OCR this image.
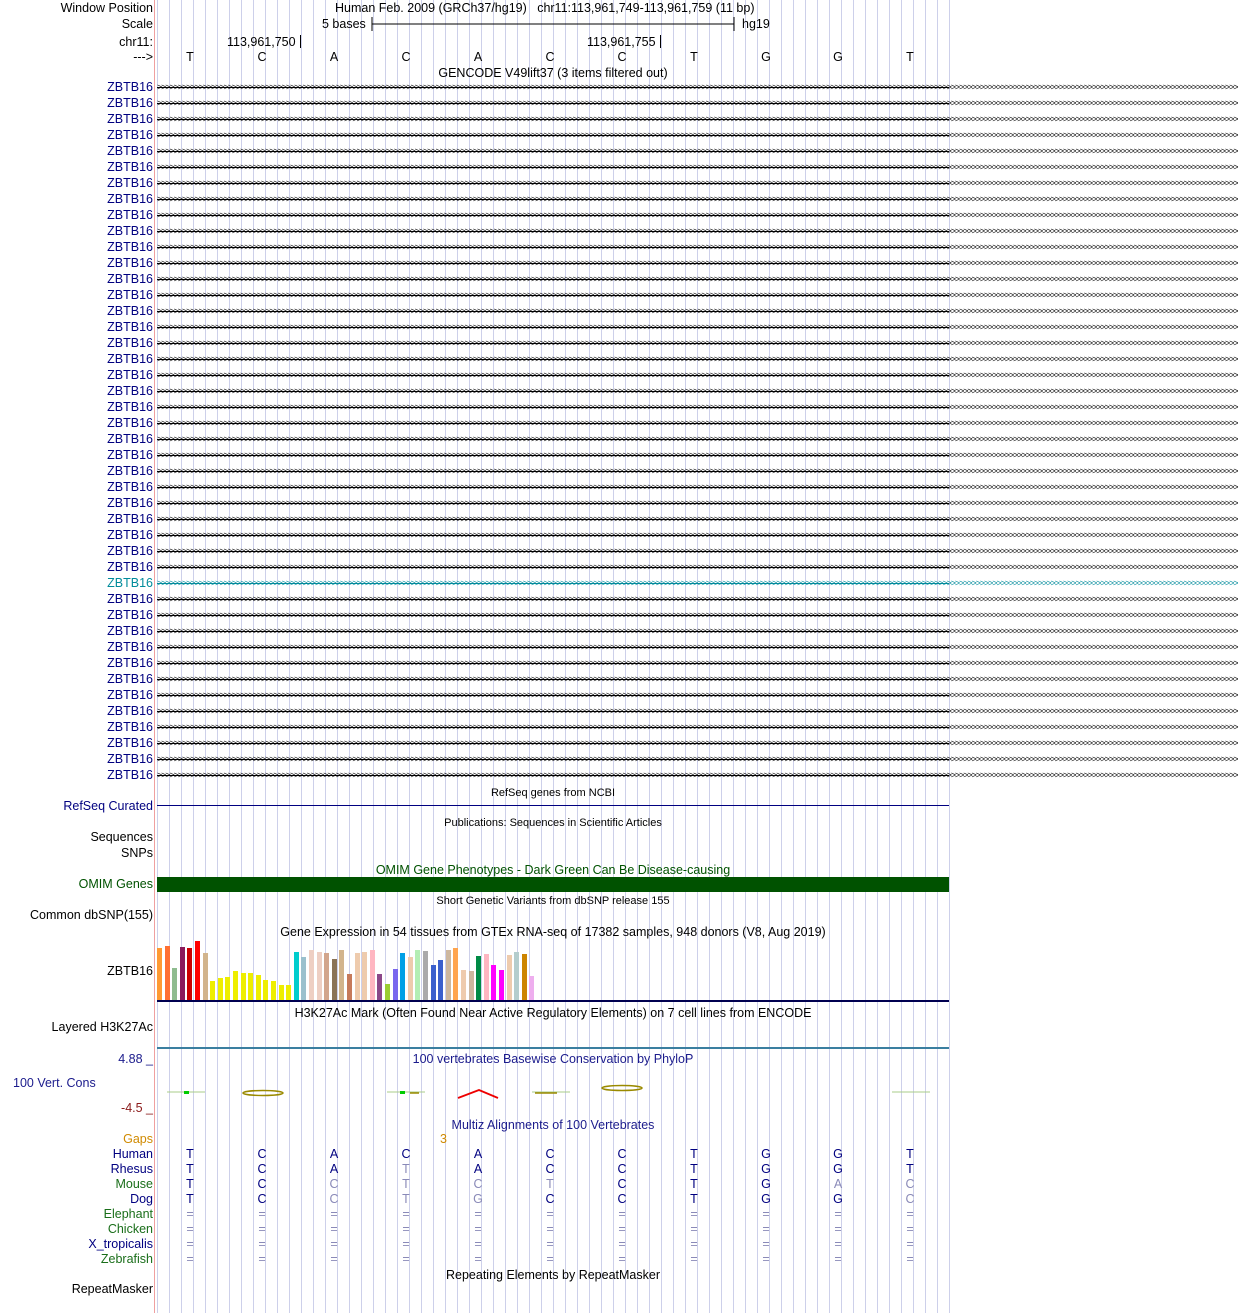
Window Position
Scale
chr11:
--->
Human Feb. 2009 (GRCh37/hg19)   chr11:113,961,749-113,961,759 (11 bp)
5 bases	hg19
113,961,750	113,961,755
T	C	A	C	A	C	C	T	G	G	T
GENCODE V49lift37 (3 items filtered out)
ZBTB16
ZBTB16
ZBTB16
ZBTB16
ZBTB16
ZBTB16
ZBTB16
ZBTB16
ZBTB16
ZBTB16
ZBTB16
ZBTB16
ZBTB16
ZBTB16
ZBTB16
ZBTB16
ZBTB16
ZBTB16
ZBTB16
ZBTB16
ZBTB16
ZBTB16
ZBTB16
ZBTB16
ZBTB16
ZBTB16
ZBTB16
ZBTB16
ZBTB16
ZBTB16
ZBTB16
ZBTB16
ZBTB16
ZBTB16
ZBTB16
ZBTB16
ZBTB16
ZBTB16
ZBTB16
ZBTB16
ZBTB16
ZBTB16
ZBTB16
ZBTB16
>>>>>>>>>>>>>>>>>>>>>>>>>>>>>>>>>>>>>>>>>>>>>>>>>>>>>>>>>>>>>>>>>>>>>>>>>>>>>>>>>>>>>>>>>>>>>>>>>>>>>>>>>>>>>>>>>>>>>>>>>>>>>>>>>>>>>>>>>>>>>>>>>>>>>>>>>>>>>>>>>>>>>>>>>>>>>>>>>>>>>>>>>>>>>>>>>>>>>>>>>>>>>>>>>>>>>>>>>>>>>>>>>>>>>>>>>>>>>>>>>>>>>>>>>>>>>>>>>>>>
>>>>>>>>>>>>>>>>>>>>>>>>>>>>>>>>>>>>>>>>>>>>>>>>>>>>>>>>>>>>>>>>>>>>>>>>>>>>>>>>>>>>>>>>>>>>>>>>>>>>>>>>>>>>>>>>>>>>>>>>>>>>>>>>>>>>>>>>>>>>>>>>>>>>>>>>>>>>>>>>>>>>>>>>>>>>>>>>>>>>>>>>>>>>>>>>>>>>>>>>>>>>>>>>>>>>>>>>>>>>>>>>>>>>>>>>>>>>>>>>>>>>>>>>>>>>>>>>>>>>
>>>>>>>>>>>>>>>>>>>>>>>>>>>>>>>>>>>>>>>>>>>>>>>>>>>>>>>>>>>>>>>>>>>>>>>>>>>>>>>>>>>>>>>>>>>>>>>>>>>>>>>>>>>>>>>>>>>>>>>>>>>>>>>>>>>>>>>>>>>>>>>>>>>>>>>>>>>>>>>>>>>>>>>>>>>>>>>>>>>>>>>>>>>>>>>>>>>>>>>>>>>>>>>>>>>>>>>>>>>>>>>>>>>>>>>>>>>>>>>>>>>>>>>>>>>>>>>>>>>>
>>>>>>>>>>>>>>>>>>>>>>>>>>>>>>>>>>>>>>>>>>>>>>>>>>>>>>>>>>>>>>>>>>>>>>>>>>>>>>>>>>>>>>>>>>>>>>>>>>>>>>>>>>>>>>>>>>>>>>>>>>>>>>>>>>>>>>>>>>>>>>>>>>>>>>>>>>>>>>>>>>>>>>>>>>>>>>>>>>>>>>>>>>>>>>>>>>>>>>>>>>>>>>>>>>>>>>>>>>>>>>>>>>>>>>>>>>>>>>>>>>>>>>>>>>>>>>>>>>>>
>>>>>>>>>>>>>>>>>>>>>>>>>>>>>>>>>>>>>>>>>>>>>>>>>>>>>>>>>>>>>>>>>>>>>>>>>>>>>>>>>>>>>>>>>>>>>>>>>>>>>>>>>>>>>>>>>>>>>>>>>>>>>>>>>>>>>>>>>>>>>>>>>>>>>>>>>>>>>>>>>>>>>>>>>>>>>>>>>>>>>>>>>>>>>>>>>>>>>>>>>>>>>>>>>>>>>>>>>>>>>>>>>>>>>>>>>>>>>>>>>>>>>>>>>>>>>>>>>>>>
>>>>>>>>>>>>>>>>>>>>>>>>>>>>>>>>>>>>>>>>>>>>>>>>>>>>>>>>>>>>>>>>>>>>>>>>>>>>>>>>>>>>>>>>>>>>>>>>>>>>>>>>>>>>>>>>>>>>>>>>>>>>>>>>>>>>>>>>>>>>>>>>>>>>>>>>>>>>>>>>>>>>>>>>>>>>>>>>>>>>>>>>>>>>>>>>>>>>>>>>>>>>>>>>>>>>>>>>>>>>>>>>>>>>>>>>>>>>>>>>>>>>>>>>>>>>>>>>>>>>
>>>>>>>>>>>>>>>>>>>>>>>>>>>>>>>>>>>>>>>>>>>>>>>>>>>>>>>>>>>>>>>>>>>>>>>>>>>>>>>>>>>>>>>>>>>>>>>>>>>>>>>>>>>>>>>>>>>>>>>>>>>>>>>>>>>>>>>>>>>>>>>>>>>>>>>>>>>>>>>>>>>>>>>>>>>>>>>>>>>>>>>>>>>>>>>>>>>>>>>>>>>>>>>>>>>>>>>>>>>>>>>>>>>>>>>>>>>>>>>>>>>>>>>>>>>>>>>>>>>>
>>>>>>>>>>>>>>>>>>>>>>>>>>>>>>>>>>>>>>>>>>>>>>>>>>>>>>>>>>>>>>>>>>>>>>>>>>>>>>>>>>>>>>>>>>>>>>>>>>>>>>>>>>>>>>>>>>>>>>>>>>>>>>>>>>>>>>>>>>>>>>>>>>>>>>>>>>>>>>>>>>>>>>>>>>>>>>>>>>>>>>>>>>>>>>>>>>>>>>>>>>>>>>>>>>>>>>>>>>>>>>>>>>>>>>>>>>>>>>>>>>>>>>>>>>>>>>>>>>>>
>>>>>>>>>>>>>>>>>>>>>>>>>>>>>>>>>>>>>>>>>>>>>>>>>>>>>>>>>>>>>>>>>>>>>>>>>>>>>>>>>>>>>>>>>>>>>>>>>>>>>>>>>>>>>>>>>>>>>>>>>>>>>>>>>>>>>>>>>>>>>>>>>>>>>>>>>>>>>>>>>>>>>>>>>>>>>>>>>>>>>>>>>>>>>>>>>>>>>>>>>>>>>>>>>>>>>>>>>>>>>>>>>>>>>>>>>>>>>>>>>>>>>>>>>>>>>>>>>>>>
>>>>>>>>>>>>>>>>>>>>>>>>>>>>>>>>>>>>>>>>>>>>>>>>>>>>>>>>>>>>>>>>>>>>>>>>>>>>>>>>>>>>>>>>>>>>>>>>>>>>>>>>>>>>>>>>>>>>>>>>>>>>>>>>>>>>>>>>>>>>>>>>>>>>>>>>>>>>>>>>>>>>>>>>>>>>>>>>>>>>>>>>>>>>>>>>>>>>>>>>>>>>>>>>>>>>>>>>>>>>>>>>>>>>>>>>>>>>>>>>>>>>>>>>>>>>>>>>>>>>
>>>>>>>>>>>>>>>>>>>>>>>>>>>>>>>>>>>>>>>>>>>>>>>>>>>>>>>>>>>>>>>>>>>>>>>>>>>>>>>>>>>>>>>>>>>>>>>>>>>>>>>>>>>>>>>>>>>>>>>>>>>>>>>>>>>>>>>>>>>>>>>>>>>>>>>>>>>>>>>>>>>>>>>>>>>>>>>>>>>>>>>>>>>>>>>>>>>>>>>>>>>>>>>>>>>>>>>>>>>>>>>>>>>>>>>>>>>>>>>>>>>>>>>>>>>>>>>>>>>>
>>>>>>>>>>>>>>>>>>>>>>>>>>>>>>>>>>>>>>>>>>>>>>>>>>>>>>>>>>>>>>>>>>>>>>>>>>>>>>>>>>>>>>>>>>>>>>>>>>>>>>>>>>>>>>>>>>>>>>>>>>>>>>>>>>>>>>>>>>>>>>>>>>>>>>>>>>>>>>>>>>>>>>>>>>>>>>>>>>>>>>>>>>>>>>>>>>>>>>>>>>>>>>>>>>>>>>>>>>>>>>>>>>>>>>>>>>>>>>>>>>>>>>>>>>>>>>>>>>>>
>>>>>>>>>>>>>>>>>>>>>>>>>>>>>>>>>>>>>>>>>>>>>>>>>>>>>>>>>>>>>>>>>>>>>>>>>>>>>>>>>>>>>>>>>>>>>>>>>>>>>>>>>>>>>>>>>>>>>>>>>>>>>>>>>>>>>>>>>>>>>>>>>>>>>>>>>>>>>>>>>>>>>>>>>>>>>>>>>>>>>>>>>>>>>>>>>>>>>>>>>>>>>>>>>>>>>>>>>>>>>>>>>>>>>>>>>>>>>>>>>>>>>>>>>>>>>>>>>>>>
>>>>>>>>>>>>>>>>>>>>>>>>>>>>>>>>>>>>>>>>>>>>>>>>>>>>>>>>>>>>>>>>>>>>>>>>>>>>>>>>>>>>>>>>>>>>>>>>>>>>>>>>>>>>>>>>>>>>>>>>>>>>>>>>>>>>>>>>>>>>>>>>>>>>>>>>>>>>>>>>>>>>>>>>>>>>>>>>>>>>>>>>>>>>>>>>>>>>>>>>>>>>>>>>>>>>>>>>>>>>>>>>>>>>>>>>>>>>>>>>>>>>>>>>>>>>>>>>>>>>
>>>>>>>>>>>>>>>>>>>>>>>>>>>>>>>>>>>>>>>>>>>>>>>>>>>>>>>>>>>>>>>>>>>>>>>>>>>>>>>>>>>>>>>>>>>>>>>>>>>>>>>>>>>>>>>>>>>>>>>>>>>>>>>>>>>>>>>>>>>>>>>>>>>>>>>>>>>>>>>>>>>>>>>>>>>>>>>>>>>>>>>>>>>>>>>>>>>>>>>>>>>>>>>>>>>>>>>>>>>>>>>>>>>>>>>>>>>>>>>>>>>>>>>>>>>>>>>>>>>>
>>>>>>>>>>>>>>>>>>>>>>>>>>>>>>>>>>>>>>>>>>>>>>>>>>>>>>>>>>>>>>>>>>>>>>>>>>>>>>>>>>>>>>>>>>>>>>>>>>>>>>>>>>>>>>>>>>>>>>>>>>>>>>>>>>>>>>>>>>>>>>>>>>>>>>>>>>>>>>>>>>>>>>>>>>>>>>>>>>>>>>>>>>>>>>>>>>>>>>>>>>>>>>>>>>>>>>>>>>>>>>>>>>>>>>>>>>>>>>>>>>>>>>>>>>>>>>>>>>>>
>>>>>>>>>>>>>>>>>>>>>>>>>>>>>>>>>>>>>>>>>>>>>>>>>>>>>>>>>>>>>>>>>>>>>>>>>>>>>>>>>>>>>>>>>>>>>>>>>>>>>>>>>>>>>>>>>>>>>>>>>>>>>>>>>>>>>>>>>>>>>>>>>>>>>>>>>>>>>>>>>>>>>>>>>>>>>>>>>>>>>>>>>>>>>>>>>>>>>>>>>>>>>>>>>>>>>>>>>>>>>>>>>>>>>>>>>>>>>>>>>>>>>>>>>>>>>>>>>>>>
>>>>>>>>>>>>>>>>>>>>>>>>>>>>>>>>>>>>>>>>>>>>>>>>>>>>>>>>>>>>>>>>>>>>>>>>>>>>>>>>>>>>>>>>>>>>>>>>>>>>>>>>>>>>>>>>>>>>>>>>>>>>>>>>>>>>>>>>>>>>>>>>>>>>>>>>>>>>>>>>>>>>>>>>>>>>>>>>>>>>>>>>>>>>>>>>>>>>>>>>>>>>>>>>>>>>>>>>>>>>>>>>>>>>>>>>>>>>>>>>>>>>>>>>>>>>>>>>>>>>
>>>>>>>>>>>>>>>>>>>>>>>>>>>>>>>>>>>>>>>>>>>>>>>>>>>>>>>>>>>>>>>>>>>>>>>>>>>>>>>>>>>>>>>>>>>>>>>>>>>>>>>>>>>>>>>>>>>>>>>>>>>>>>>>>>>>>>>>>>>>>>>>>>>>>>>>>>>>>>>>>>>>>>>>>>>>>>>>>>>>>>>>>>>>>>>>>>>>>>>>>>>>>>>>>>>>>>>>>>>>>>>>>>>>>>>>>>>>>>>>>>>>>>>>>>>>>>>>>>>>
>>>>>>>>>>>>>>>>>>>>>>>>>>>>>>>>>>>>>>>>>>>>>>>>>>>>>>>>>>>>>>>>>>>>>>>>>>>>>>>>>>>>>>>>>>>>>>>>>>>>>>>>>>>>>>>>>>>>>>>>>>>>>>>>>>>>>>>>>>>>>>>>>>>>>>>>>>>>>>>>>>>>>>>>>>>>>>>>>>>>>>>>>>>>>>>>>>>>>>>>>>>>>>>>>>>>>>>>>>>>>>>>>>>>>>>>>>>>>>>>>>>>>>>>>>>>>>>>>>>>
>>>>>>>>>>>>>>>>>>>>>>>>>>>>>>>>>>>>>>>>>>>>>>>>>>>>>>>>>>>>>>>>>>>>>>>>>>>>>>>>>>>>>>>>>>>>>>>>>>>>>>>>>>>>>>>>>>>>>>>>>>>>>>>>>>>>>>>>>>>>>>>>>>>>>>>>>>>>>>>>>>>>>>>>>>>>>>>>>>>>>>>>>>>>>>>>>>>>>>>>>>>>>>>>>>>>>>>>>>>>>>>>>>>>>>>>>>>>>>>>>>>>>>>>>>>>>>>>>>>>
>>>>>>>>>>>>>>>>>>>>>>>>>>>>>>>>>>>>>>>>>>>>>>>>>>>>>>>>>>>>>>>>>>>>>>>>>>>>>>>>>>>>>>>>>>>>>>>>>>>>>>>>>>>>>>>>>>>>>>>>>>>>>>>>>>>>>>>>>>>>>>>>>>>>>>>>>>>>>>>>>>>>>>>>>>>>>>>>>>>>>>>>>>>>>>>>>>>>>>>>>>>>>>>>>>>>>>>>>>>>>>>>>>>>>>>>>>>>>>>>>>>>>>>>>>>>>>>>>>>>
>>>>>>>>>>>>>>>>>>>>>>>>>>>>>>>>>>>>>>>>>>>>>>>>>>>>>>>>>>>>>>>>>>>>>>>>>>>>>>>>>>>>>>>>>>>>>>>>>>>>>>>>>>>>>>>>>>>>>>>>>>>>>>>>>>>>>>>>>>>>>>>>>>>>>>>>>>>>>>>>>>>>>>>>>>>>>>>>>>>>>>>>>>>>>>>>>>>>>>>>>>>>>>>>>>>>>>>>>>>>>>>>>>>>>>>>>>>>>>>>>>>>>>>>>>>>>>>>>>>>
>>>>>>>>>>>>>>>>>>>>>>>>>>>>>>>>>>>>>>>>>>>>>>>>>>>>>>>>>>>>>>>>>>>>>>>>>>>>>>>>>>>>>>>>>>>>>>>>>>>>>>>>>>>>>>>>>>>>>>>>>>>>>>>>>>>>>>>>>>>>>>>>>>>>>>>>>>>>>>>>>>>>>>>>>>>>>>>>>>>>>>>>>>>>>>>>>>>>>>>>>>>>>>>>>>>>>>>>>>>>>>>>>>>>>>>>>>>>>>>>>>>>>>>>>>>>>>>>>>>>
>>>>>>>>>>>>>>>>>>>>>>>>>>>>>>>>>>>>>>>>>>>>>>>>>>>>>>>>>>>>>>>>>>>>>>>>>>>>>>>>>>>>>>>>>>>>>>>>>>>>>>>>>>>>>>>>>>>>>>>>>>>>>>>>>>>>>>>>>>>>>>>>>>>>>>>>>>>>>>>>>>>>>>>>>>>>>>>>>>>>>>>>>>>>>>>>>>>>>>>>>>>>>>>>>>>>>>>>>>>>>>>>>>>>>>>>>>>>>>>>>>>>>>>>>>>>>>>>>>>>
>>>>>>>>>>>>>>>>>>>>>>>>>>>>>>>>>>>>>>>>>>>>>>>>>>>>>>>>>>>>>>>>>>>>>>>>>>>>>>>>>>>>>>>>>>>>>>>>>>>>>>>>>>>>>>>>>>>>>>>>>>>>>>>>>>>>>>>>>>>>>>>>>>>>>>>>>>>>>>>>>>>>>>>>>>>>>>>>>>>>>>>>>>>>>>>>>>>>>>>>>>>>>>>>>>>>>>>>>>>>>>>>>>>>>>>>>>>>>>>>>>>>>>>>>>>>>>>>>>>>
>>>>>>>>>>>>>>>>>>>>>>>>>>>>>>>>>>>>>>>>>>>>>>>>>>>>>>>>>>>>>>>>>>>>>>>>>>>>>>>>>>>>>>>>>>>>>>>>>>>>>>>>>>>>>>>>>>>>>>>>>>>>>>>>>>>>>>>>>>>>>>>>>>>>>>>>>>>>>>>>>>>>>>>>>>>>>>>>>>>>>>>>>>>>>>>>>>>>>>>>>>>>>>>>>>>>>>>>>>>>>>>>>>>>>>>>>>>>>>>>>>>>>>>>>>>>>>>>>>>>
>>>>>>>>>>>>>>>>>>>>>>>>>>>>>>>>>>>>>>>>>>>>>>>>>>>>>>>>>>>>>>>>>>>>>>>>>>>>>>>>>>>>>>>>>>>>>>>>>>>>>>>>>>>>>>>>>>>>>>>>>>>>>>>>>>>>>>>>>>>>>>>>>>>>>>>>>>>>>>>>>>>>>>>>>>>>>>>>>>>>>>>>>>>>>>>>>>>>>>>>>>>>>>>>>>>>>>>>>>>>>>>>>>>>>>>>>>>>>>>>>>>>>>>>>>>>>>>>>>>>
>>>>>>>>>>>>>>>>>>>>>>>>>>>>>>>>>>>>>>>>>>>>>>>>>>>>>>>>>>>>>>>>>>>>>>>>>>>>>>>>>>>>>>>>>>>>>>>>>>>>>>>>>>>>>>>>>>>>>>>>>>>>>>>>>>>>>>>>>>>>>>>>>>>>>>>>>>>>>>>>>>>>>>>>>>>>>>>>>>>>>>>>>>>>>>>>>>>>>>>>>>>>>>>>>>>>>>>>>>>>>>>>>>>>>>>>>>>>>>>>>>>>>>>>>>>>>>>>>>>>
>>>>>>>>>>>>>>>>>>>>>>>>>>>>>>>>>>>>>>>>>>>>>>>>>>>>>>>>>>>>>>>>>>>>>>>>>>>>>>>>>>>>>>>>>>>>>>>>>>>>>>>>>>>>>>>>>>>>>>>>>>>>>>>>>>>>>>>>>>>>>>>>>>>>>>>>>>>>>>>>>>>>>>>>>>>>>>>>>>>>>>>>>>>>>>>>>>>>>>>>>>>>>>>>>>>>>>>>>>>>>>>>>>>>>>>>>>>>>>>>>>>>>>>>>>>>>>>>>>>>
>>>>>>>>>>>>>>>>>>>>>>>>>>>>>>>>>>>>>>>>>>>>>>>>>>>>>>>>>>>>>>>>>>>>>>>>>>>>>>>>>>>>>>>>>>>>>>>>>>>>>>>>>>>>>>>>>>>>>>>>>>>>>>>>>>>>>>>>>>>>>>>>>>>>>>>>>>>>>>>>>>>>>>>>>>>>>>>>>>>>>>>>>>>>>>>>>>>>>>>>>>>>>>>>>>>>>>>>>>>>>>>>>>>>>>>>>>>>>>>>>>>>>>>>>>>>>>>>>>>>
>>>>>>>>>>>>>>>>>>>>>>>>>>>>>>>>>>>>>>>>>>>>>>>>>>>>>>>>>>>>>>>>>>>>>>>>>>>>>>>>>>>>>>>>>>>>>>>>>>>>>>>>>>>>>>>>>>>>>>>>>>>>>>>>>>>>>>>>>>>>>>>>>>>>>>>>>>>>>>>>>>>>>>>>>>>>>>>>>>>>>>>>>>>>>>>>>>>>>>>>>>>>>>>>>>>>>>>>>>>>>>>>>>>>>>>>>>>>>>>>>>>>>>>>>>>>>>>>>>>>
>>>>>>>>>>>>>>>>>>>>>>>>>>>>>>>>>>>>>>>>>>>>>>>>>>>>>>>>>>>>>>>>>>>>>>>>>>>>>>>>>>>>>>>>>>>>>>>>>>>>>>>>>>>>>>>>>>>>>>>>>>>>>>>>>>>>>>>>>>>>>>>>>>>>>>>>>>>>>>>>>>>>>>>>>>>>>>>>>>>>>>>>>>>>>>>>>>>>>>>>>>>>>>>>>>>>>>>>>>>>>>>>>>>>>>>>>>>>>>>>>>>>>>>>>>>>>>>>>>>>
>>>>>>>>>>>>>>>>>>>>>>>>>>>>>>>>>>>>>>>>>>>>>>>>>>>>>>>>>>>>>>>>>>>>>>>>>>>>>>>>>>>>>>>>>>>>>>>>>>>>>>>>>>>>>>>>>>>>>>>>>>>>>>>>>>>>>>>>>>>>>>>>>>>>>>>>>>>>>>>>>>>>>>>>>>>>>>>>>>>>>>>>>>>>>>>>>>>>>>>>>>>>>>>>>>>>>>>>>>>>>>>>>>>>>>>>>>>>>>>>>>>>>>>>>>>>>>>>>>>>
>>>>>>>>>>>>>>>>>>>>>>>>>>>>>>>>>>>>>>>>>>>>>>>>>>>>>>>>>>>>>>>>>>>>>>>>>>>>>>>>>>>>>>>>>>>>>>>>>>>>>>>>>>>>>>>>>>>>>>>>>>>>>>>>>>>>>>>>>>>>>>>>>>>>>>>>>>>>>>>>>>>>>>>>>>>>>>>>>>>>>>>>>>>>>>>>>>>>>>>>>>>>>>>>>>>>>>>>>>>>>>>>>>>>>>>>>>>>>>>>>>>>>>>>>>>>>>>>>>>>
>>>>>>>>>>>>>>>>>>>>>>>>>>>>>>>>>>>>>>>>>>>>>>>>>>>>>>>>>>>>>>>>>>>>>>>>>>>>>>>>>>>>>>>>>>>>>>>>>>>>>>>>>>>>>>>>>>>>>>>>>>>>>>>>>>>>>>>>>>>>>>>>>>>>>>>>>>>>>>>>>>>>>>>>>>>>>>>>>>>>>>>>>>>>>>>>>>>>>>>>>>>>>>>>>>>>>>>>>>>>>>>>>>>>>>>>>>>>>>>>>>>>>>>>>>>>>>>>>>>>
>>>>>>>>>>>>>>>>>>>>>>>>>>>>>>>>>>>>>>>>>>>>>>>>>>>>>>>>>>>>>>>>>>>>>>>>>>>>>>>>>>>>>>>>>>>>>>>>>>>>>>>>>>>>>>>>>>>>>>>>>>>>>>>>>>>>>>>>>>>>>>>>>>>>>>>>>>>>>>>>>>>>>>>>>>>>>>>>>>>>>>>>>>>>>>>>>>>>>>>>>>>>>>>>>>>>>>>>>>>>>>>>>>>>>>>>>>>>>>>>>>>>>>>>>>>>>>>>>>>>
>>>>>>>>>>>>>>>>>>>>>>>>>>>>>>>>>>>>>>>>>>>>>>>>>>>>>>>>>>>>>>>>>>>>>>>>>>>>>>>>>>>>>>>>>>>>>>>>>>>>>>>>>>>>>>>>>>>>>>>>>>>>>>>>>>>>>>>>>>>>>>>>>>>>>>>>>>>>>>>>>>>>>>>>>>>>>>>>>>>>>>>>>>>>>>>>>>>>>>>>>>>>>>>>>>>>>>>>>>>>>>>>>>>>>>>>>>>>>>>>>>>>>>>>>>>>>>>>>>>>
>>>>>>>>>>>>>>>>>>>>>>>>>>>>>>>>>>>>>>>>>>>>>>>>>>>>>>>>>>>>>>>>>>>>>>>>>>>>>>>>>>>>>>>>>>>>>>>>>>>>>>>>>>>>>>>>>>>>>>>>>>>>>>>>>>>>>>>>>>>>>>>>>>>>>>>>>>>>>>>>>>>>>>>>>>>>>>>>>>>>>>>>>>>>>>>>>>>>>>>>>>>>>>>>>>>>>>>>>>>>>>>>>>>>>>>>>>>>>>>>>>>>>>>>>>>>>>>>>>>>
>>>>>>>>>>>>>>>>>>>>>>>>>>>>>>>>>>>>>>>>>>>>>>>>>>>>>>>>>>>>>>>>>>>>>>>>>>>>>>>>>>>>>>>>>>>>>>>>>>>>>>>>>>>>>>>>>>>>>>>>>>>>>>>>>>>>>>>>>>>>>>>>>>>>>>>>>>>>>>>>>>>>>>>>>>>>>>>>>>>>>>>>>>>>>>>>>>>>>>>>>>>>>>>>>>>>>>>>>>>>>>>>>>>>>>>>>>>>>>>>>>>>>>>>>>>>>>>>>>>>
>>>>>>>>>>>>>>>>>>>>>>>>>>>>>>>>>>>>>>>>>>>>>>>>>>>>>>>>>>>>>>>>>>>>>>>>>>>>>>>>>>>>>>>>>>>>>>>>>>>>>>>>>>>>>>>>>>>>>>>>>>>>>>>>>>>>>>>>>>>>>>>>>>>>>>>>>>>>>>>>>>>>>>>>>>>>>>>>>>>>>>>>>>>>>>>>>>>>>>>>>>>>>>>>>>>>>>>>>>>>>>>>>>>>>>>>>>>>>>>>>>>>>>>>>>>>>>>>>>>>
>>>>>>>>>>>>>>>>>>>>>>>>>>>>>>>>>>>>>>>>>>>>>>>>>>>>>>>>>>>>>>>>>>>>>>>>>>>>>>>>>>>>>>>>>>>>>>>>>>>>>>>>>>>>>>>>>>>>>>>>>>>>>>>>>>>>>>>>>>>>>>>>>>>>>>>>>>>>>>>>>>>>>>>>>>>>>>>>>>>>>>>>>>>>>>>>>>>>>>>>>>>>>>>>>>>>>>>>>>>>>>>>>>>>>>>>>>>>>>>>>>>>>>>>>>>>>>>>>>>>
>>>>>>>>>>>>>>>>>>>>>>>>>>>>>>>>>>>>>>>>>>>>>>>>>>>>>>>>>>>>>>>>>>>>>>>>>>>>>>>>>>>>>>>>>>>>>>>>>>>>>>>>>>>>>>>>>>>>>>>>>>>>>>>>>>>>>>>>>>>>>>>>>>>>>>>>>>>>>>>>>>>>>>>>>>>>>>>>>>>>>>>>>>>>>>>>>>>>>>>>>>>>>>>>>>>>>>>>>>>>>>>>>>>>>>>>>>>>>>>>>>>>>>>>>>>>>>>>>>>>
>>>>>>>>>>>>>>>>>>>>>>>>>>>>>>>>>>>>>>>>>>>>>>>>>>>>>>>>>>>>>>>>>>>>>>>>>>>>>>>>>>>>>>>>>>>>>>>>>>>>>>>>>>>>>>>>>>>>>>>>>>>>>>>>>>>>>>>>>>>>>>>>>>>>>>>>>>>>>>>>>>>>>>>>>>>>>>>>>>>>>>>>>>>>>>>>>>>>>>>>>>>>>>>>>>>>>>>>>>>>>>>>>>>>>>>>>>>>>>>>>>>>>>>>>>>>>>>>>>>>
RefSeq genes from NCBI
RefSeq Curated
Publications: Sequences in Scientific Articles
Sequences
SNPs
OMIM Gene Phenotypes - Dark Green Can Be Disease-causing
OMIM Genes
Short Genetic Variants from dbSNP release 155
Common dbSNP(155)
Gene Expression in 54 tissues from GTEx RNA-seq of 17382 samples, 948 donors (V8, Aug 2019)
ZBTB16
H3K27Ac Mark (Often Found Near Active Regulatory Elements) on 7 cell lines from ENCODE
Layered H3K27Ac
100 vertebrates Basewise Conservation by PhyloP
4.88 _
100 Vert. Cons
-4.5 _
Multiz Alignments of 100 Vertebrates
Gaps	3
Human	T	C	A	C	A	C	C	T	G	G	T
Rhesus	T	C	A	T	A	C	C	T	G	G	T
Mouse	T	C	C	T	C	T	C	T	G	A	C
Dog	T	C	C	T	G	C	C	T	G	G	C
Elephant	=	=	=	=	=	=	=	=	=	=	=
Chicken	=	=	=	=	=	=	=	=	=	=	=
X_tropicalis	=	=	=	=	=	=	=	=	=	=	=
Zebrafish	=	=	=	=	=	=	=	=	=	=	=
Repeating Elements by RepeatMasker
RepeatMasker
